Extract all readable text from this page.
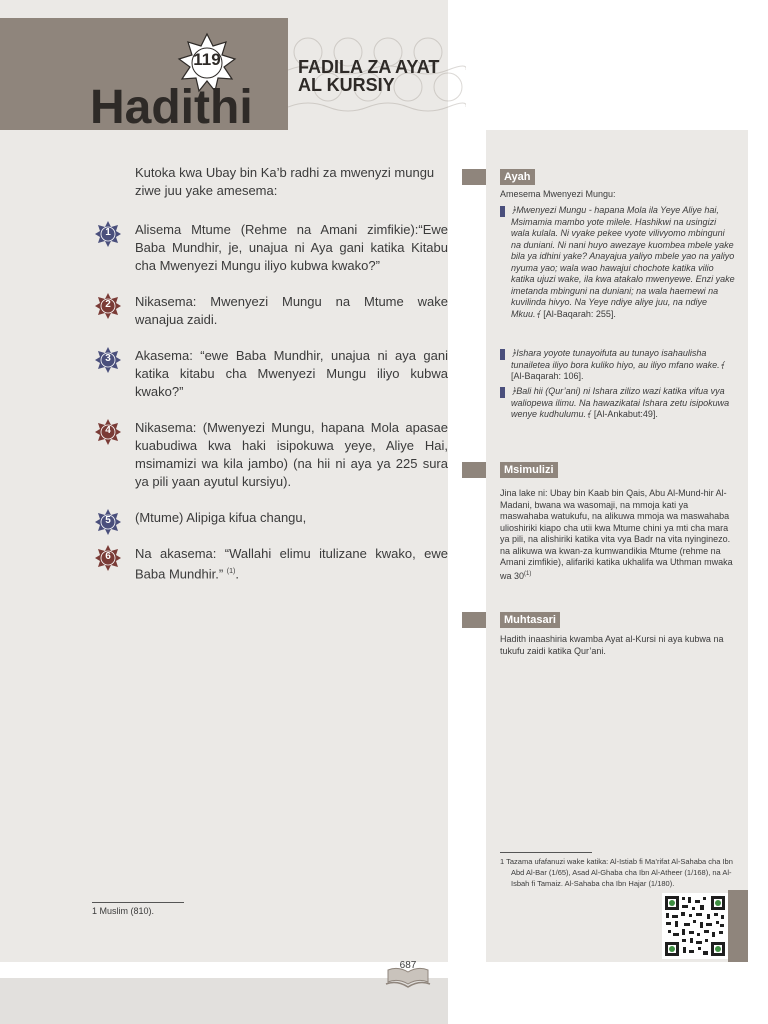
119
Hadithi
FADILA ZA AYAT
AL KURSIY
Kutoka kwa Ubay bin Ka’b radhi za mwenyzi mungu ziwe juu yake amesema:
1	Alisema Mtume (Rehme na Amani zimfikie):“Ewe Baba Mundhir, je, unajua ni Aya gani katika Kitabu cha Mwenyezi Mungu iliyo kubwa kwako?”
2	Nikasema: Mwenyezi Mungu na Mtume wake wanajua zaidi.
3	Akasema: “ewe Baba Mundhir, unajua ni aya gani katika kitabu cha Mwenyezi Mungu iliyo kubwa kwako?”
4	Nikasema: (Mwenyezi Mungu, hapana Mola apasae kuabudiwa kwa haki isipokuwa yeye, Aliye Hai, msimamizi wa kila jambo) (na hii ni aya ya 225 sura ya pili yaan ayutul kursiyu).
5	(Mtume) Alipiga kifua changu,
6	Na akasema: “Wallahi elimu itulizane kwako, ewe Baba Mundhir.” $^{(1)}$.
1 Muslim (810).
687
Ayah
Amesema Mwenyezi Mungu:
﴿Mwenyezi Mungu - hapana Mola ila Yeye Aliye hai, Msimamia mambo yote milele. Hashikwi na usingizi wala kulala. Ni vyake pekee vyote vilivyomo mbinguni na duniani. Ni nani huyo awezaye kuombea mbele yake bila ya idhini yake? Anayajua yaliyo mbele yao na yaliyo nyuma yao; wala wao hawajui chochote katika vilio katika ujuzi wake, ila kwa atakalo mwenyewe. Enzi yake imetanda mbinguni na duniani; na wala haemewi na kuvilinda hivyo. Na Yeye ndiye aliye juu, na ndiye Mkuu.﴾ [Al-Baqarah: 255].
﴿Ishara yoyote tunayoifuta au tunayo isahaulisha tunailetea iliyo bora kuliko hiyo, au iliyo mfano wake.﴾ [Al-Baqarah: 106].
﴿Bali hii (Qur’ani) ni Ishara zilizo wazi katika vifua vya waliopewa ilimu. Na hawazikatai Ishara zetu isipokuwa wenye kudhulumu.﴾ [Al-Ankabut:49].
Msimulizi
Jina lake ni: Ubay bin Kaab bin Qais, Abu Al-Mund-hir Al-Madani, bwana wa wasomaji, na mmoja kati ya maswahaba watukufu, na alikuwa mmoja wa maswahaba ulioshiriki kiapo cha utii kwa Mtume chini ya mti cha mara ya pili, na alishiriki katika vita vya Badr na vita nyinginezo. na alikuwa wa kwan-za kumwandikia Mtume (rehme na Amani zimfikie), alifariki katika ukhalifa wa Uthman mwaka wa 30$^{(1)}$
Muhtasari
Hadith inaashiria kwamba Ayat al-Kursi ni aya kubwa na tukufu zaidi katika Qur’ani.
1 Tazama ufafanuzi wake katika: Al-Istiab fi Ma’rifat Al-Sahaba cha Ibn Abd Al-Bar (1/65), Asad Al-Ghaba cha Ibn Al-Atheer (1/168), na Al-Isbah fi Tamaiz. Al-Sahaba cha Ibn Hajar (1/180).
